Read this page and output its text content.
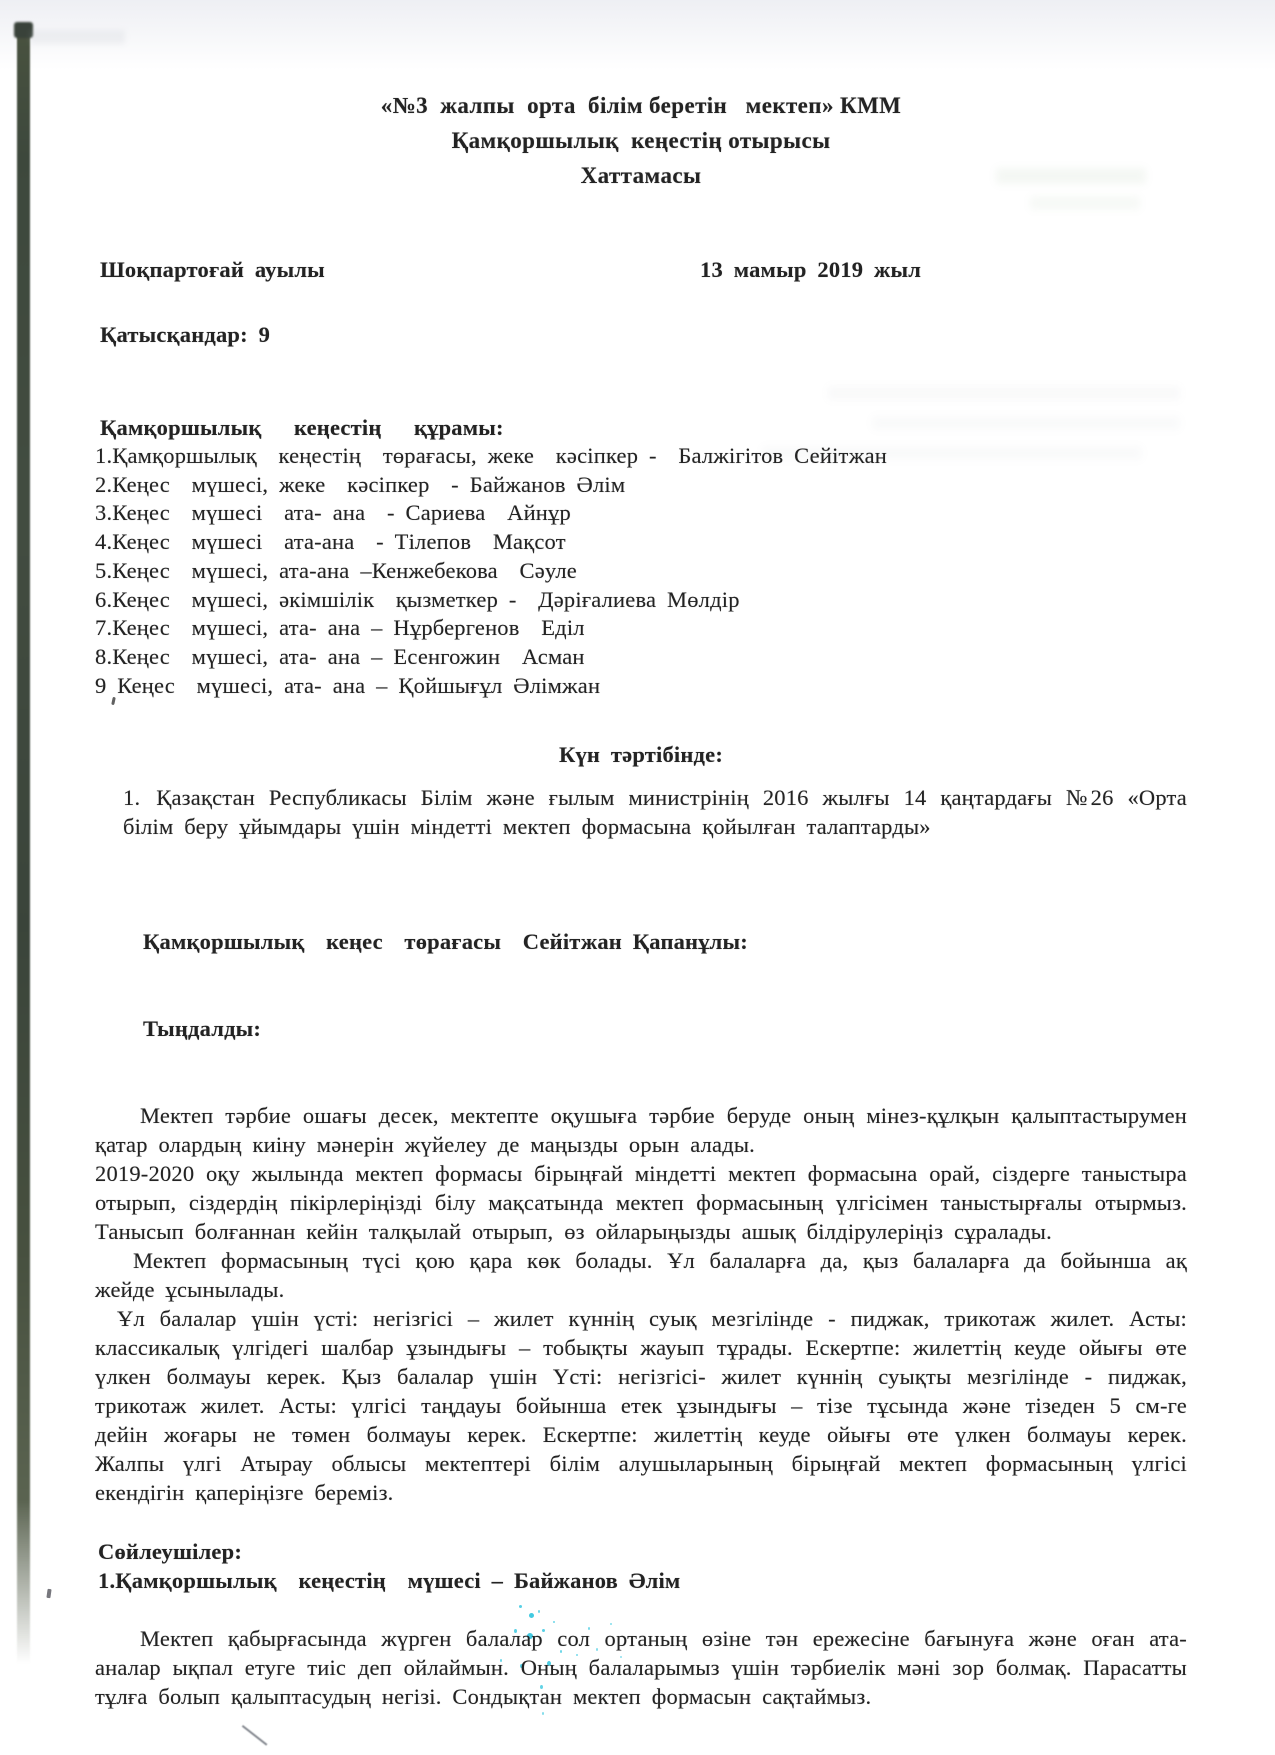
«№3  жалпы  орта  білім беретін   мектеп» КММ
Қамқоршылық  кеңестің отырысы
Хаттамасы
Шоқпартоғай ауылы	13 мамыр 2019 жыл
Қатысқандар: 9
Қамқоршылық   кеңестің   құрамы:
1.Қамқоршылық  кеңестің  төрағасы, жеке  кәсіпкер -  Балжігітов Сейітжан
2.Кеңес  мүшесі, жеке  кәсіпкер  - Байжанов Әлім
3.Кеңес  мүшесі  ата- ана  - Сариева  Айнұр
4.Кеңес  мүшесі  ата-ана  - Тілепов  Мақсот
5.Кеңес  мүшесі, ата-ана –Кенжебекова  Сәуле
6.Кеңес  мүшесі, әкімшілік  қызметкер -  Дәріғалиева Мөлдір
7.Кеңес  мүшесі, ата- ана – Нұрбергенов  Еділ
8.Кеңес  мүшесі, ата- ана – Есенгожин  Асман
9 Кеңес  мүшесі, ата- ана – Қойшығұл Әлімжан
Күн тәртібінде:
1. Қазақстан Республикасы Білім және ғылым министрінің 2016 жылғы 14 қаңтардағы №26 «Орта білім беру ұйымдары үшін міндетті мектеп формасына қойылған талаптарды»

Қамқоршылық  кеңес  төрағасы  Сейітжан Қапанұлы:

Тыңдалды:

Мектеп тәрбие ошағы десек, мектепте оқушыға тәрбие беруде оның мінез-құлқын қалыптастырумен қатар олардың киіну мәнерін жүйелеу де маңызды орын алады.

2019-2020 оқу жылында мектеп формасы бірыңғай міндетті мектеп формасына орай, сіздерге таныстыра отырып, сіздердің пікірлеріңізді білу мақсатында мектеп формасының үлгісімен таныстырғалы отырмыз. Танысып болғаннан кейін талқылай отырып, өз ойларыңызды ашық білдірулеріңіз сұралады.

Мектеп формасының түсі қою қара көк болады. Ұл балаларға да, қыз балаларға да бойынша ақ жейде ұсынылады.

Ұл балалар үшін үсті: негізгісі – жилет күннің суық мезгілінде - пиджак, трикотаж жилет. Асты: классикалық үлгідегі шалбар ұзындығы – тобықты жауып тұрады. Ескертпе: жилеттің кеуде ойығы өте үлкен болмауы керек. Қыз балалар үшін Үсті: негізгісі- жилет күннің суықты мезгілінде - пиджак, трикотаж жилет. Асты: үлгісі таңдауы бойынша етек ұзындығы – тізе тұсында және тізеден 5 см-ге дейін жоғары не төмен болмауы керек. Ескертпе: жилеттің кеуде ойығы өте үлкен болмауы керек. Жалпы үлгі Атырау облысы мектептері білім алушыларының бірыңғай мектеп формасының үлгісі екендігін қаперіңізге береміз.

Сөйлеушілер:
1.Қамқоршылық  кеңестің  мүшесі – Байжанов Әлім

Мектеп қабырғасында жүрген балалар сол ортаның өзіне тән ережесіне бағынуға және оған ата-аналар ықпал етуге тиіс деп ойлаймын. Оның балаларымыз үшін тәрбиелік мәні зор болмақ. Парасатты тұлға болып қалыптасудың негізі. Сондықтан мектеп формасын сақтаймыз.
